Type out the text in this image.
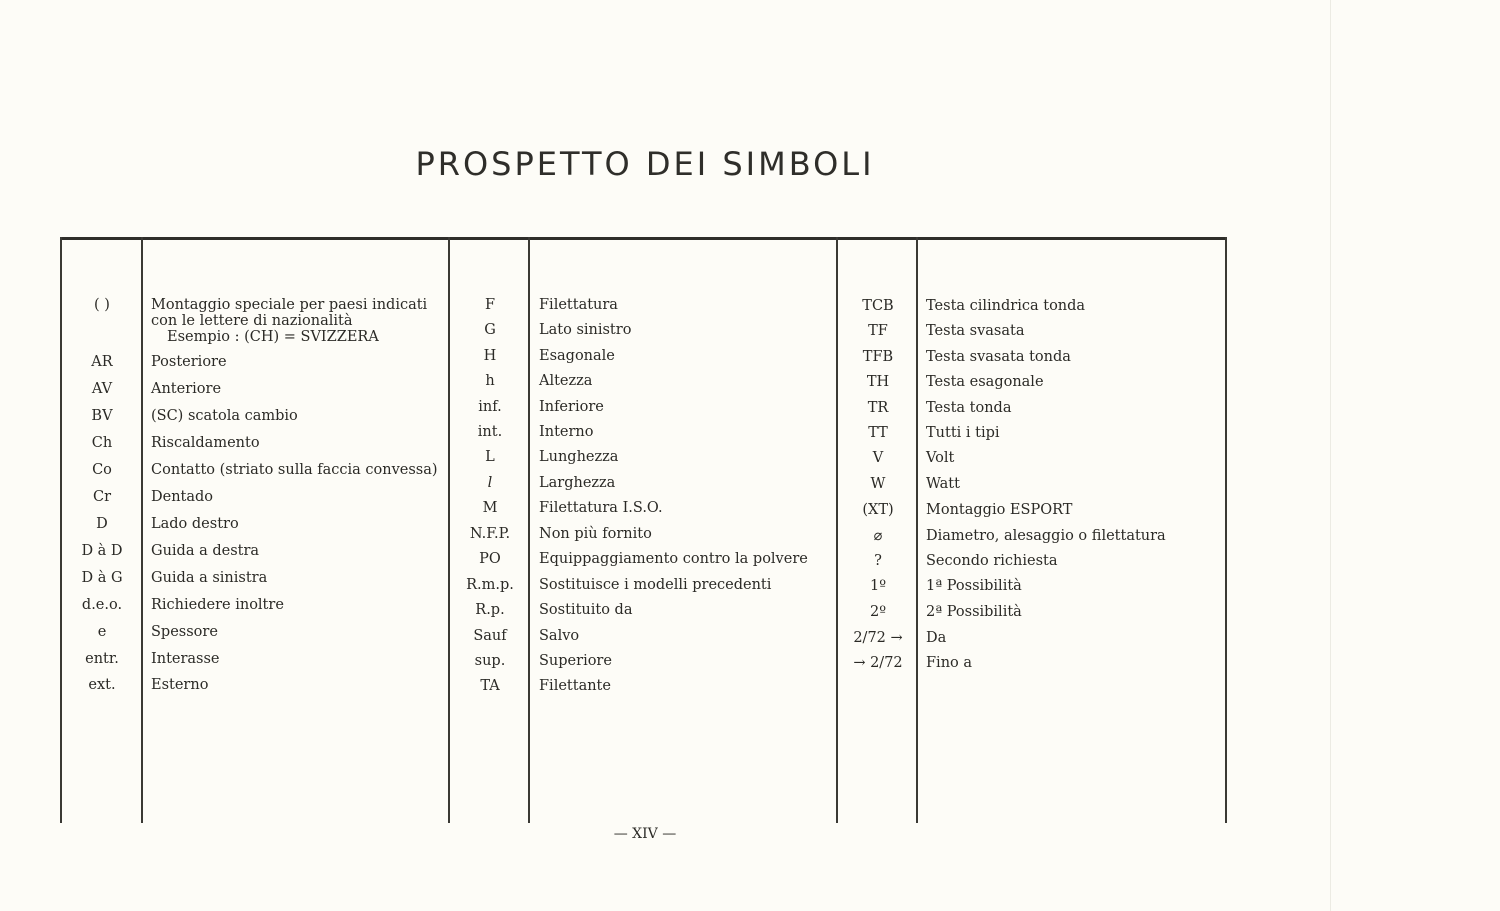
PROSPETTO DEI SIMBOLI
( )	Montaggio speciale per paesi indicati con le lettere di nazionalità
Esempio : (CH) = SVIZZERA
AR	Posteriore
AV	Anteriore
BV	(SC) scatola cambio
Ch	Riscaldamento
Co	Contatto (striato sulla faccia convessa)
Cr	Dentado
D	Lado destro
D à D	Guida a destra
D à G	Guida a sinistra
d.e.o.	Richiedere inoltre
e	Spessore
entr.	Interasse
ext.	Esterno
F	Filettatura
G	Lato sinistro
H	Esagonale
h	Altezza
inf.	Inferiore
int.	Interno
L	Lunghezza
l	Larghezza
M	Filettatura I.S.O.
N.F.P.	Non più fornito
PO	Equippaggiamento contro la polvere
R.m.p.	Sostituisce i modelli precedenti
R.p.	Sostituito da
Sauf	Salvo
sup.	Superiore
TA	Filettante
TCB	Testa cilindrica tonda
TF	Testa svasata
TFB	Testa svasata tonda
TH	Testa esagonale
TR	Testa tonda
TT	Tutti i tipi
V	Volt
W	Watt
(XT)	Montaggio ESPORT
⌀	Diametro, alesaggio o filettatura
?	Secondo richiesta
1º	1ª Possibilità
2º	2ª Possibilità
2/72 →	Da
→ 2/72	Fino a
— XIV —
